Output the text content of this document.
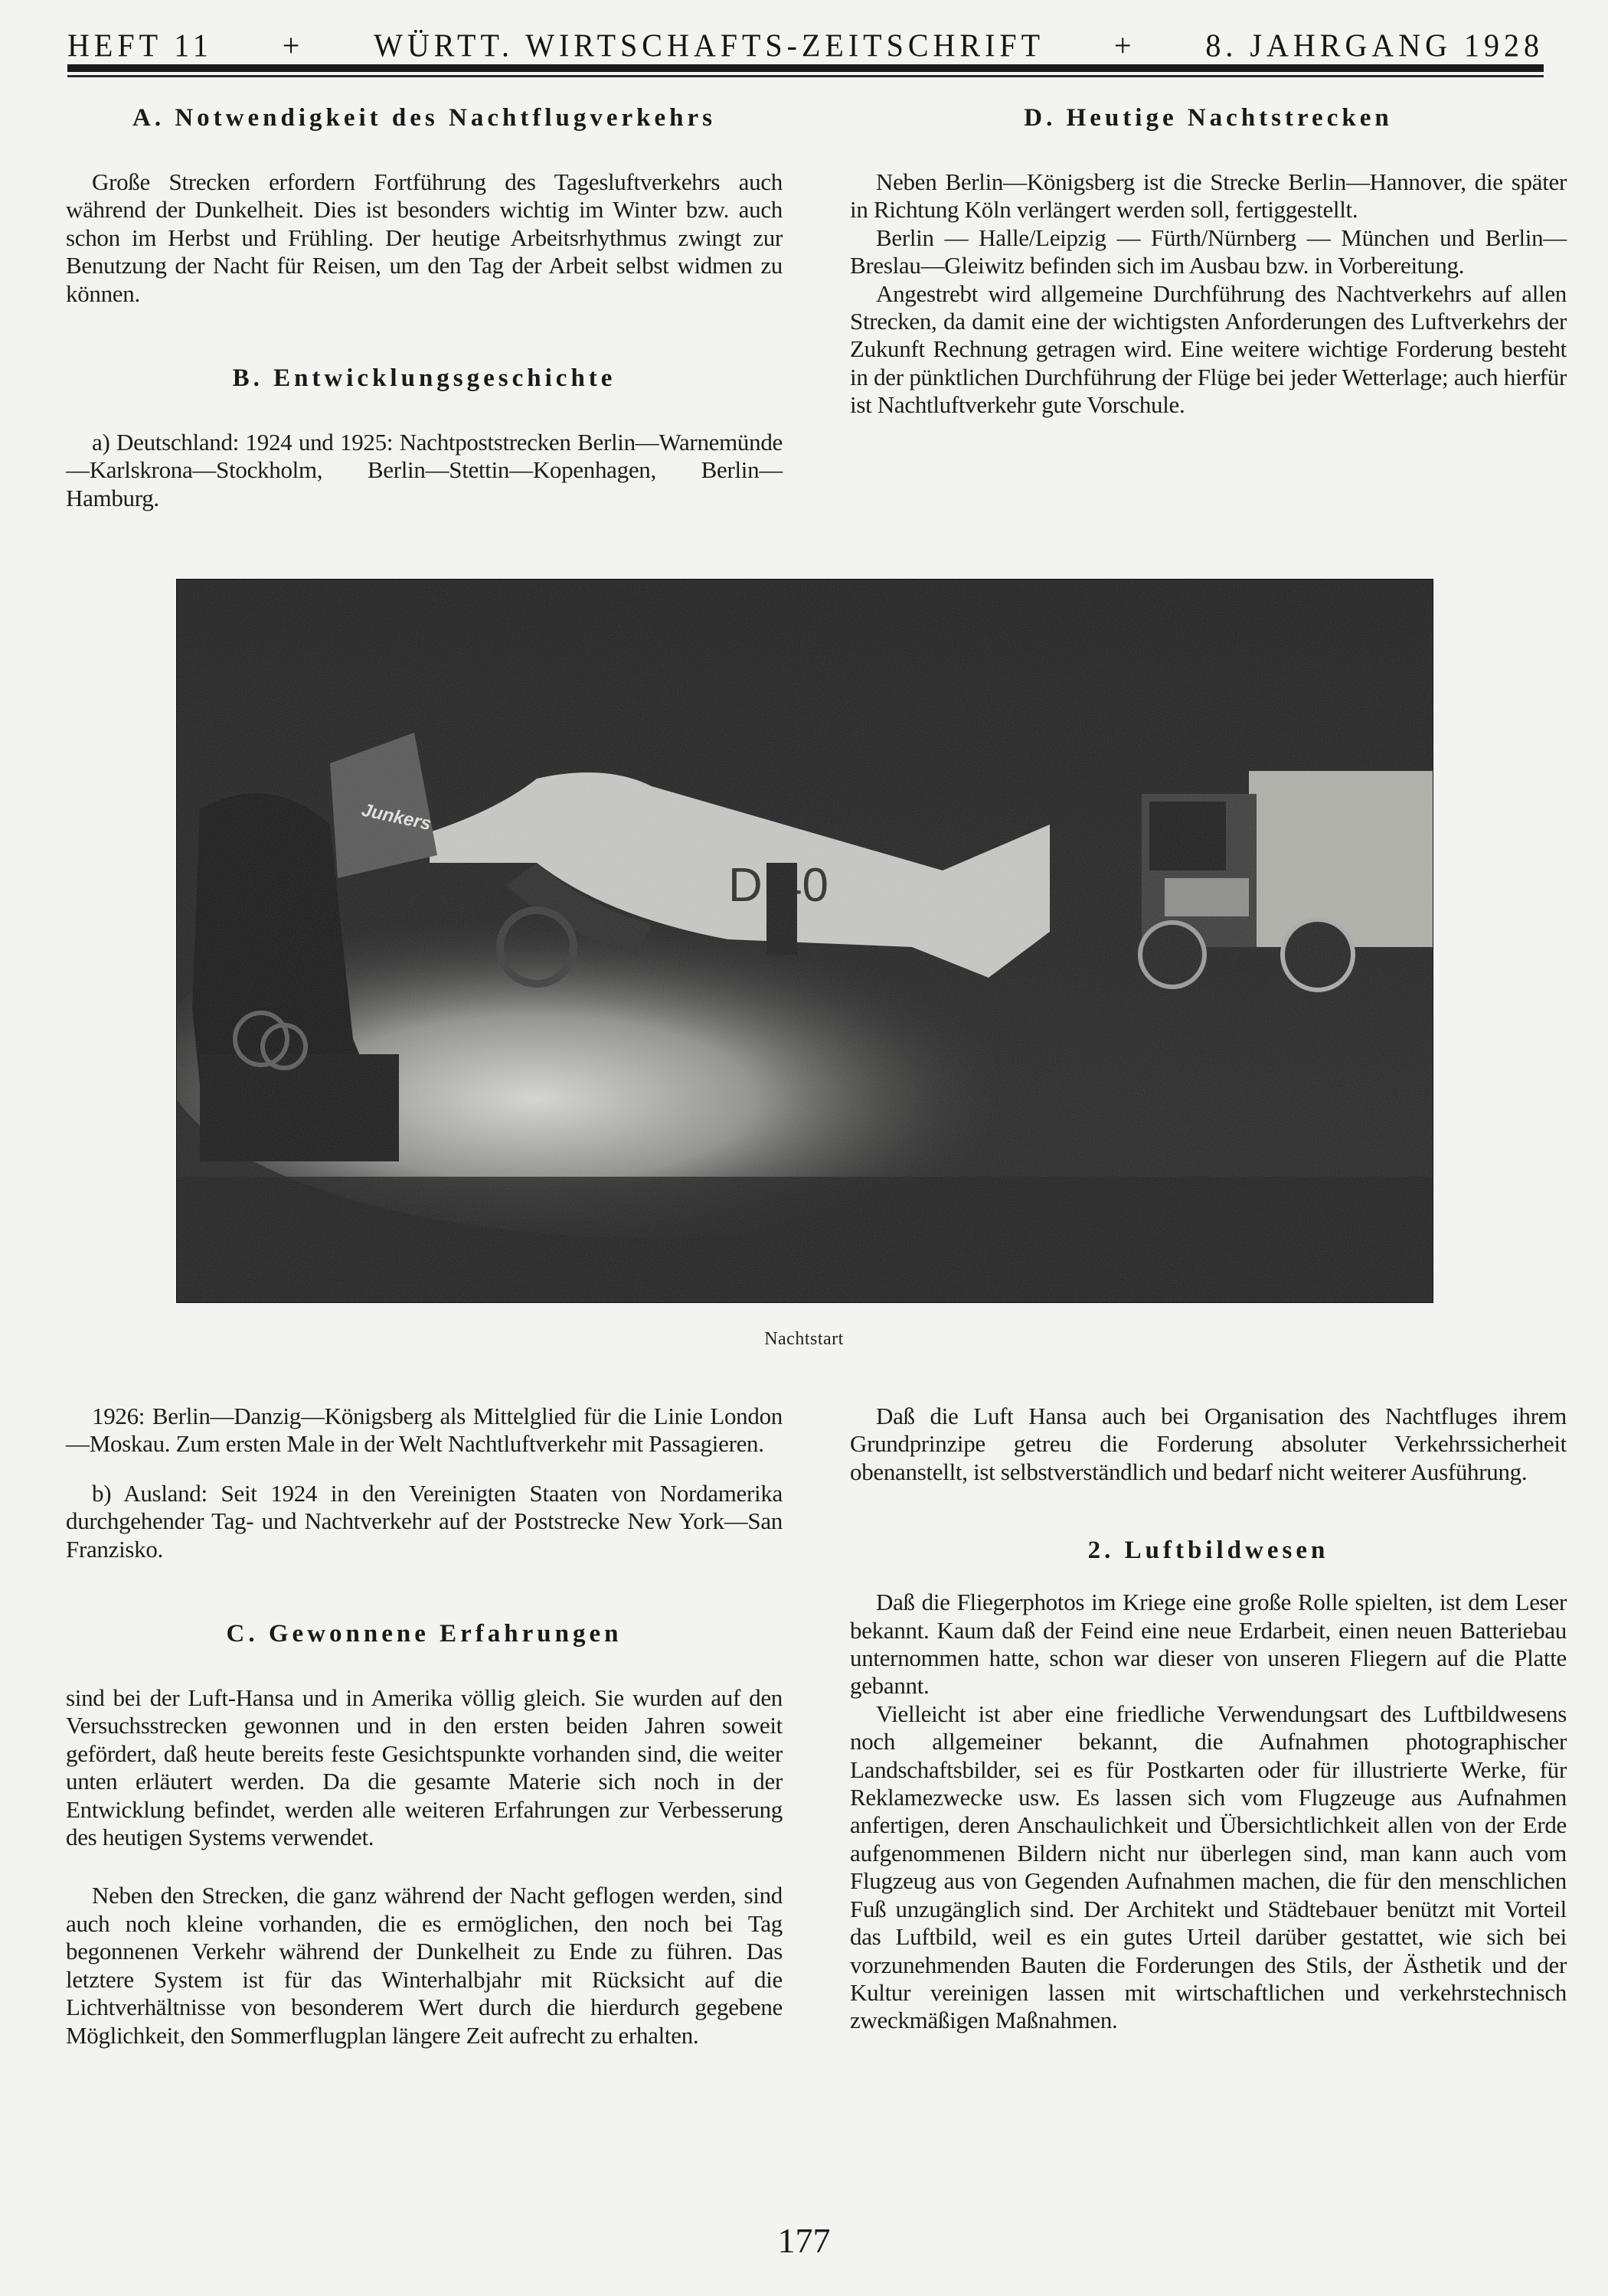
HEFT 11 + WÜRTT. WIRTSCHAFTS-ZEITSCHRIFT + 8. JAHRGANG 1928
A. Notwendigkeit des Nachtflugverkehrs

Große Strecken erfordern Fortführung des Tagesluftverkehrs auch während der Dunkelheit. Dies ist besonders wichtig im Winter bzw. auch schon im Herbst und Frühling. Der heutige Arbeitsrhythmus zwingt zur Benutzung der Nacht für Reisen, um den Tag der Arbeit selbst widmen zu können.

B. Entwicklungsgeschichte

a) Deutschland: 1924 und 1925: Nachtpoststrecken Berlin—Warnemünde—Karlskrona—Stockholm, Berlin—Stettin—Kopenhagen, Berlin—Hamburg.

D. Heutige Nachtstrecken

Neben Berlin—Königsberg ist die Strecke Berlin—Hannover, die später in Richtung Köln verlängert werden soll, fertiggestellt.

Berlin — Halle/Leipzig — Fürth/Nürnberg — München und Berlin—Breslau—Gleiwitz befinden sich im Ausbau bzw. in Vorbereitung.

Angestrebt wird allgemeine Durchführung des Nachtverkehrs auf allen Strecken, da damit eine der wichtigsten Anforderungen des Luftverkehrs der Zukunft Rechnung getragen wird. Eine weitere wichtige Forderung besteht in der pünktlichen Durchführung der Flüge bei jeder Wetterlage; auch hierfür ist Nachtluftverkehr gute Vorschule.

Nachtstart

1926: Berlin—Danzig—Königsberg als Mittelglied für die Linie London—Moskau. Zum ersten Male in der Welt Nachtluftverkehr mit Passagieren.

b) Ausland: Seit 1924 in den Vereinigten Staaten von Nordamerika durchgehender Tag- und Nachtverkehr auf der Poststrecke New York—San Franzisko.

C. Gewonnene Erfahrungen

sind bei der Luft-Hansa und in Amerika völlig gleich. Sie wurden auf den Versuchsstrecken gewonnen und in den ersten beiden Jahren soweit gefördert, daß heute bereits feste Gesichtspunkte vorhanden sind, die weiter unten erläutert werden. Da die gesamte Materie sich noch in der Entwicklung befindet, werden alle weiteren Erfahrungen zur Verbesserung des heutigen Systems verwendet.

Neben den Strecken, die ganz während der Nacht geflogen werden, sind auch noch kleine vorhanden, die es ermöglichen, den noch bei Tag begonnenen Verkehr während der Dunkelheit zu Ende zu führen. Das letztere System ist für das Winterhalbjahr mit Rücksicht auf die Lichtverhältnisse von besonderem Wert durch die hierdurch gegebene Möglichkeit, den Sommerflugplan längere Zeit aufrecht zu erhalten.

Daß die Luft Hansa auch bei Organisation des Nachtfluges ihrem Grundprinzipe getreu die Forderung absoluter Verkehrssicherheit obenanstellt, ist selbstverständlich und bedarf nicht weiterer Ausführung.

2. Luftbildwesen

Daß die Fliegerphotos im Kriege eine große Rolle spielten, ist dem Leser bekannt. Kaum daß der Feind eine neue Erdarbeit, einen neuen Batteriebau unternommen hatte, schon war dieser von unseren Fliegern auf die Platte gebannt.

Vielleicht ist aber eine friedliche Verwendungsart des Luftbildwesens noch allgemeiner bekannt, die Aufnahmen photographischer Landschaftsbilder, sei es für Postkarten oder für illustrierte Werke, für Reklamezwecke usw. Es lassen sich vom Flugzeuge aus Aufnahmen anfertigen, deren Anschaulichkeit und Übersichtlichkeit allen von der Erde aufgenommenen Bildern nicht nur überlegen sind, man kann auch vom Flugzeug aus von Gegenden Aufnahmen machen, die für den menschlichen Fuß unzugänglich sind. Der Architekt und Städtebauer benützt mit Vorteil das Luftbild, weil es ein gutes Urteil darüber gestattet, wie sich bei vorzunehmenden Bauten die Forderungen des Stils, der Ästhetik und der Kultur vereinigen lassen mit wirtschaftlichen und verkehrstechnisch zweckmäßigen Maßnahmen.

177
